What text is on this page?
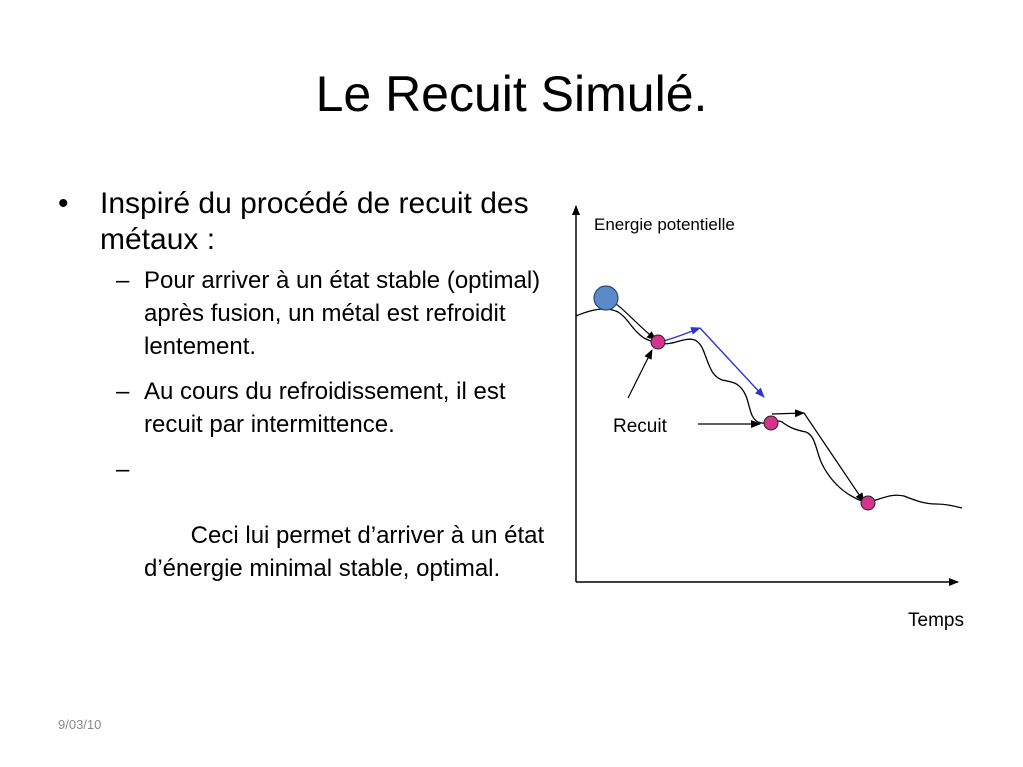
Le Recuit Simulé.
• Inspiré du procédé de recuit des métaux :
– Pour arriver à un état stable (optimal) après fusion, un métal est refroidit lentement.
– Au cours du refroidissement, il est recuit par intermittence.

–

Ceci lui permet d’arriver à un état d’énergie minimal stable, optimal.

Energie potentielle
Temps
Recuit
9/03/10
